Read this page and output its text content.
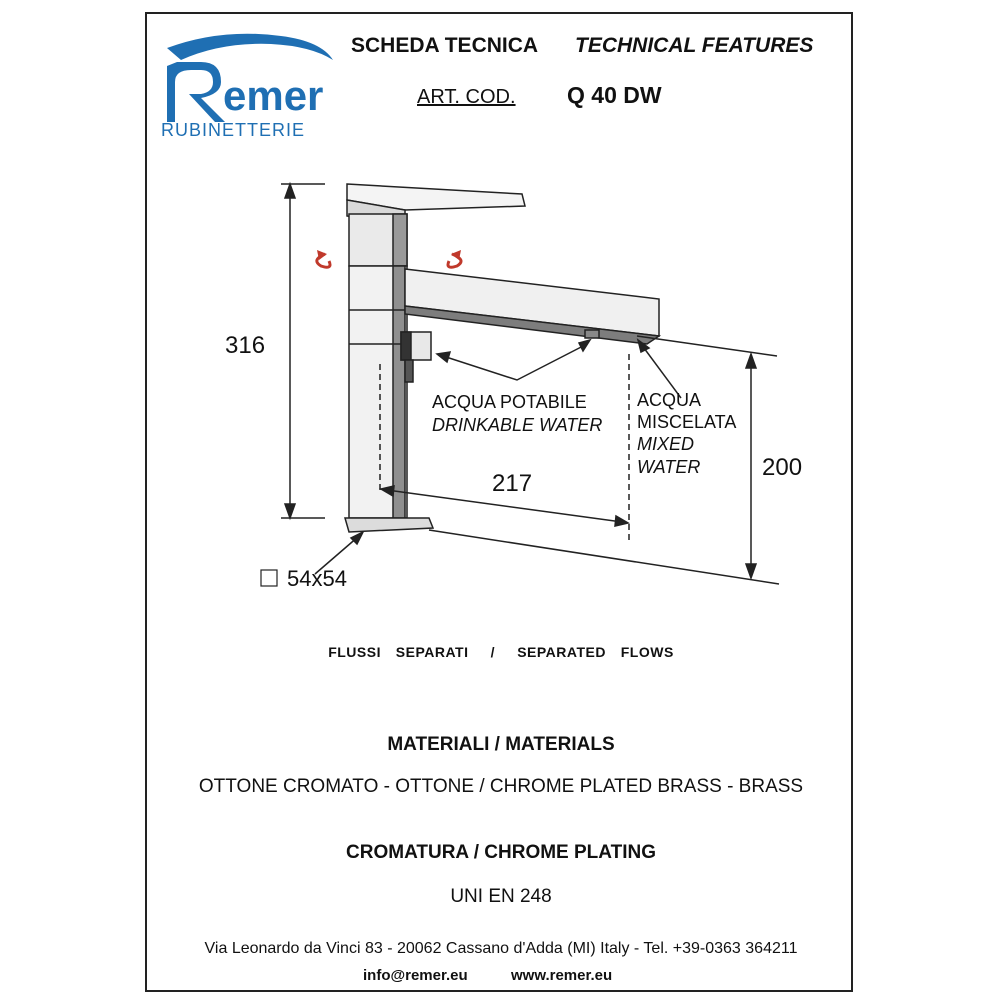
emer
RUBINETTERIE
SCHEDA TECNICA TECHNICAL FEATURES
ART. COD. Q 40 DW
316
217
200
54x54
ACQUA POTABILE
DRINKABLE WATER
ACQUA
MISCELATA
MIXED
WATER
FLUSSI  SEPARATI   /   SEPARATED  FLOWS
MATERIALI / MATERIALS
OTTONE CROMATO - OTTONE / CHROME PLATED BRASS - BRASS
CROMATURA / CHROME PLATING
UNI EN 248
Via Leonardo da Vinci 83 - 20062 Cassano d'Adda (MI) Italy - Tel. +39-0363 364211
info@remer.eu	www.remer.eu
